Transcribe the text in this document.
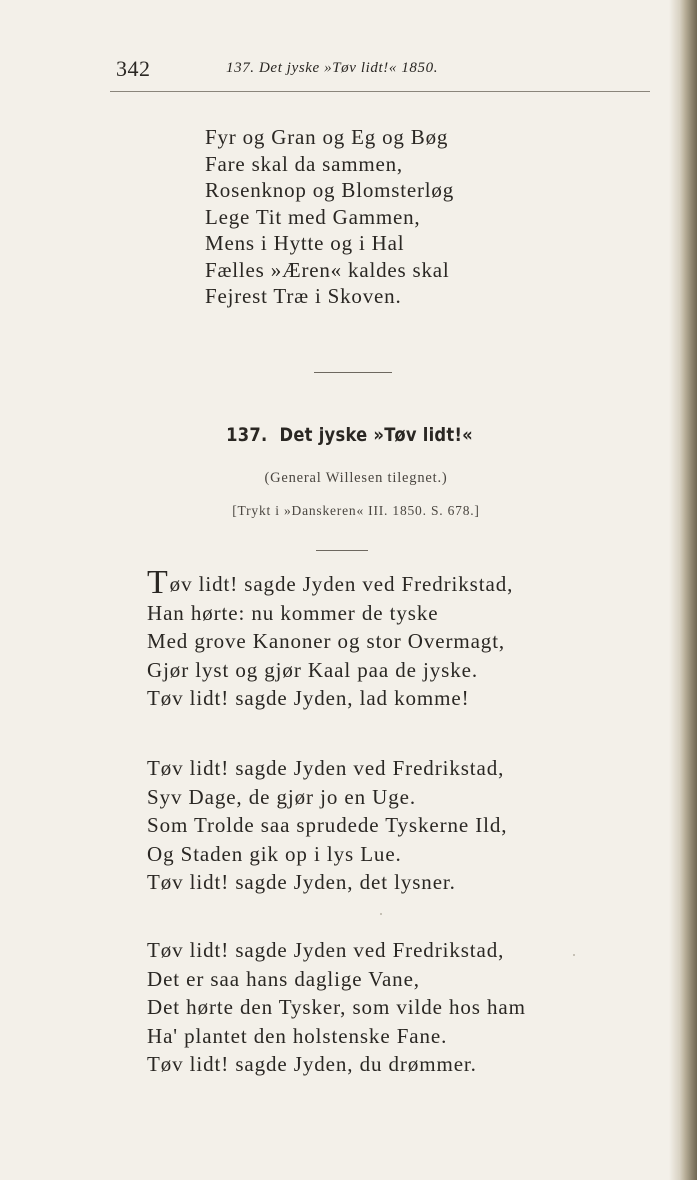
342	137. Det jyske »Tøv lidt!« 1850.
Fyr og Gran og Eg og Bøg
Fare skal da sammen,
Rosenknop og Blomsterløg
Lege Tit med Gammen,
Mens i Hytte og i Hal
Fælles »Æren« kaldes skal
Fejrest Træ i Skoven.
137. Det jyske »Tøv lidt!«
(General Willesen tilegnet.)
[Trykt i »Danskeren« III. 1850. S. 678.]
Tøv lidt! sagde Jyden ved Fredrikstad,
Han hørte: nu kommer de tyske
Med grove Kanoner og stor Overmagt,
Gjør lyst og gjør Kaal paa de jyske.
Tøv lidt! sagde Jyden, lad komme!
Tøv lidt! sagde Jyden ved Fredrikstad,
Syv Dage, de gjør jo en Uge.
Som Trolde saa sprudede Tyskerne Ild,
Og Staden gik op i lys Lue.
Tøv lidt! sagde Jyden, det lysner.
Tøv lidt! sagde Jyden ved Fredrikstad,
Det er saa hans daglige Vane,
Det hørte den Tysker, som vilde hos ham
Ha' plantet den holstenske Fane.
Tøv lidt! sagde Jyden, du drømmer.
